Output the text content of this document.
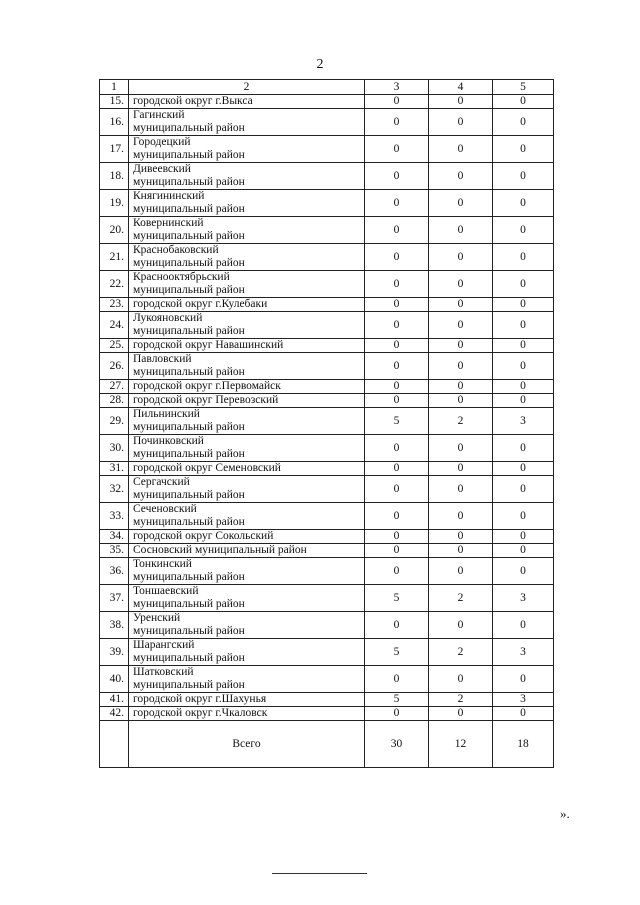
2
1	2	3	4	5
15.	городской округ г.Выкса	0	0	0
16.	Гагинский
муниципальный район	0	0	0
17.	Городецкий
муниципальный район	0	0	0
18.	Дивеевский
муниципальный район	0	0	0
19.	Княгининский
муниципальный район	0	0	0
20.	Ковернинский
муниципальный район	0	0	0
21.	Краснобаковский
муниципальный район	0	0	0
22.	Краснооктябрьский
муниципальный район	0	0	0
23.	городской округ г.Кулебаки	0	0	0
24.	Лукояновский
муниципальный район	0	0	0
25.	городской округ Навашинский	0	0	0
26.	Павловский
муниципальный район	0	0	0
27.	городской округ г.Первомайск	0	0	0
28.	городской округ Перевозский	0	0	0
29.	Пильнинский
муниципальный район	5	2	3
30.	Починковский
муниципальный район	0	0	0
31.	городской округ Семеновский	0	0	0
32.	Сергачский
муниципальный район	0	0	0
33.	Сеченовский
муниципальный район	0	0	0
34.	городской округ Сокольский	0	0	0
35.	Сосновский муниципальный район	0	0	0
36.	Тонкинский
муниципальный район	0	0	0
37.	Тоншаевский
муниципальный район	5	2	3
38.	Уренский
муниципальный район	0	0	0
39.	Шарангский
муниципальный район	5	2	3
40.	Шатковский
муниципальный район	0	0	0
41.	городской округ г.Шахунья	5	2	3
42.	городской округ г.Чкаловск	0	0	0
	Всего	30	12	18
».
